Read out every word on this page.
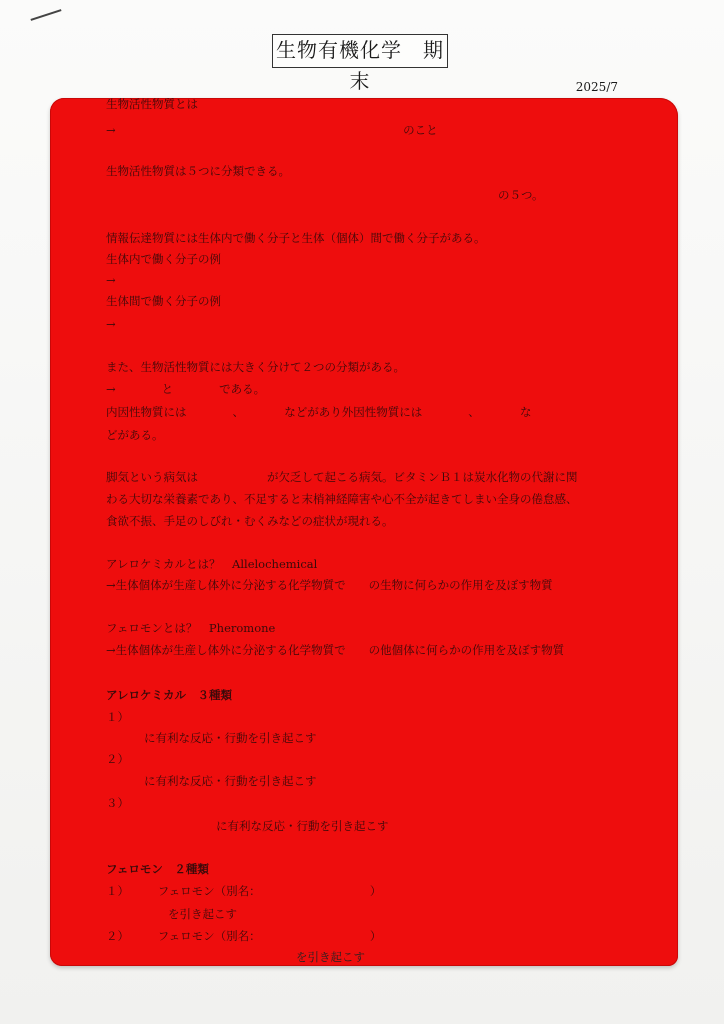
生物有機化学　期末	2025/7
生物活性物質とは
→　　　　　　　　　　　　　　　　　　　　　　　　　のこと
生物活性物質は５つに分類できる。
の５つ。
情報伝達物質には生体内で働く分子と生体（個体）間で働く分子がある。
生体内で働く分子の例
→
生体間で働く分子の例
→
また、生物活性物質には大きく分けて２つの分類がある。
→　　　　と　　　　である。
内因性物質には　　　　、　　　　などがあり外因性物質には　　　　、　　　　な
どがある。
脚気という病気は　　　　　　が欠乏して起こる病気。ビタミンＢ１は炭水化物の代謝に関
わる大切な栄養素であり、不足すると末梢神経障害や心不全が起きてしまい全身の倦怠感、
食欲不振、手足のしびれ・むくみなどの症状が現れる。
アレロケミカルとは？　Allelochemical
→生体個体が生産し体外に分泌する化学物質で　　の生物に何らかの作用を及ぼす物質
フェロモンとは？　Pheromone
→生体個体が生産し体外に分泌する化学物質で　　の他個体に何らかの作用を及ぼす物質
アレロケミカル　３種類
１）
に有利な反応・行動を引き起こす
２）
に有利な反応・行動を引き起こす
３）
に有利な反応・行動を引き起こす
フェロモン　２種類
１）　　　フェロモン（別名：　　　　　　　　　　）
を引き起こす
２）　　　フェロモン（別名：　　　　　　　　　　）
を引き起こす
